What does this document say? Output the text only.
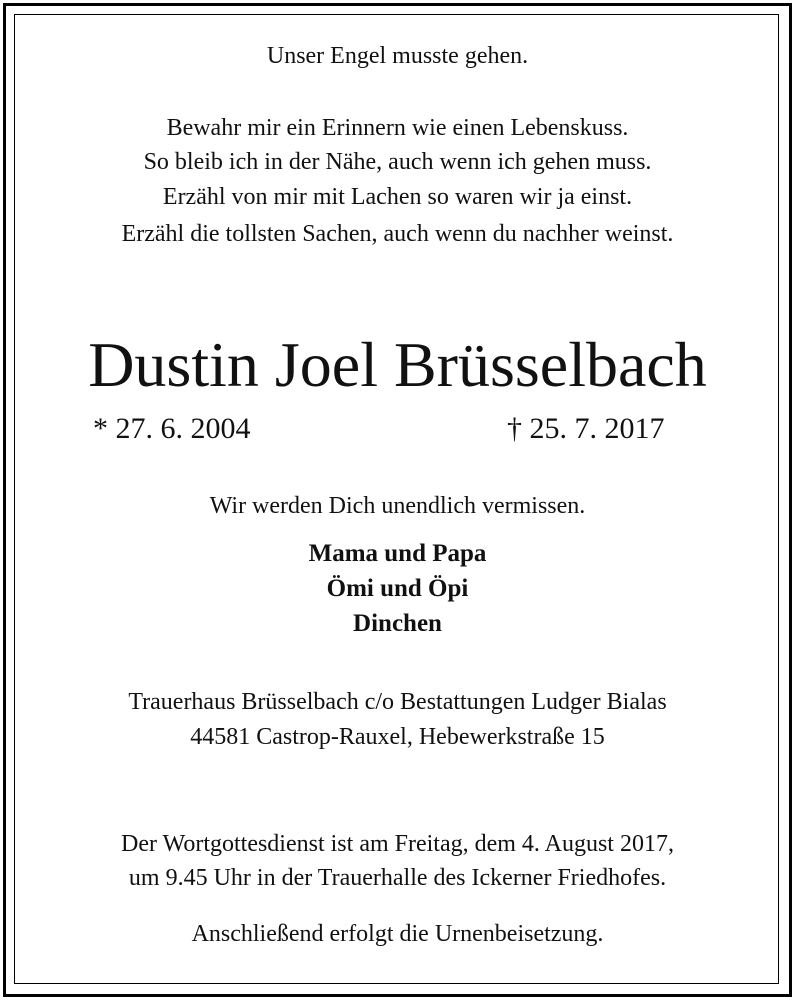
Unser Engel musste gehen.
Bewahr mir ein Erinnern wie einen Lebenskuss.
So bleib ich in der Nähe, auch wenn ich gehen muss.
Erzähl von mir mit Lachen so waren wir ja einst.
Erzähl die tollsten Sachen, auch wenn du nachher weinst.
Dustin Joel Brüsselbach
* 27. 6. 2004	† 25. 7. 2017
Wir werden Dich unendlich vermissen.
Mama und Papa
Ömi und Öpi
Dinchen
Trauerhaus Brüsselbach c/o Bestattungen Ludger Bialas
44581 Castrop-Rauxel, Hebewerkstraße 15
Der Wortgottesdienst ist am Freitag, dem 4. August 2017,
um 9.45 Uhr in der Trauerhalle des Ickerner Friedhofes.
Anschließend erfolgt die Urnenbeisetzung.
